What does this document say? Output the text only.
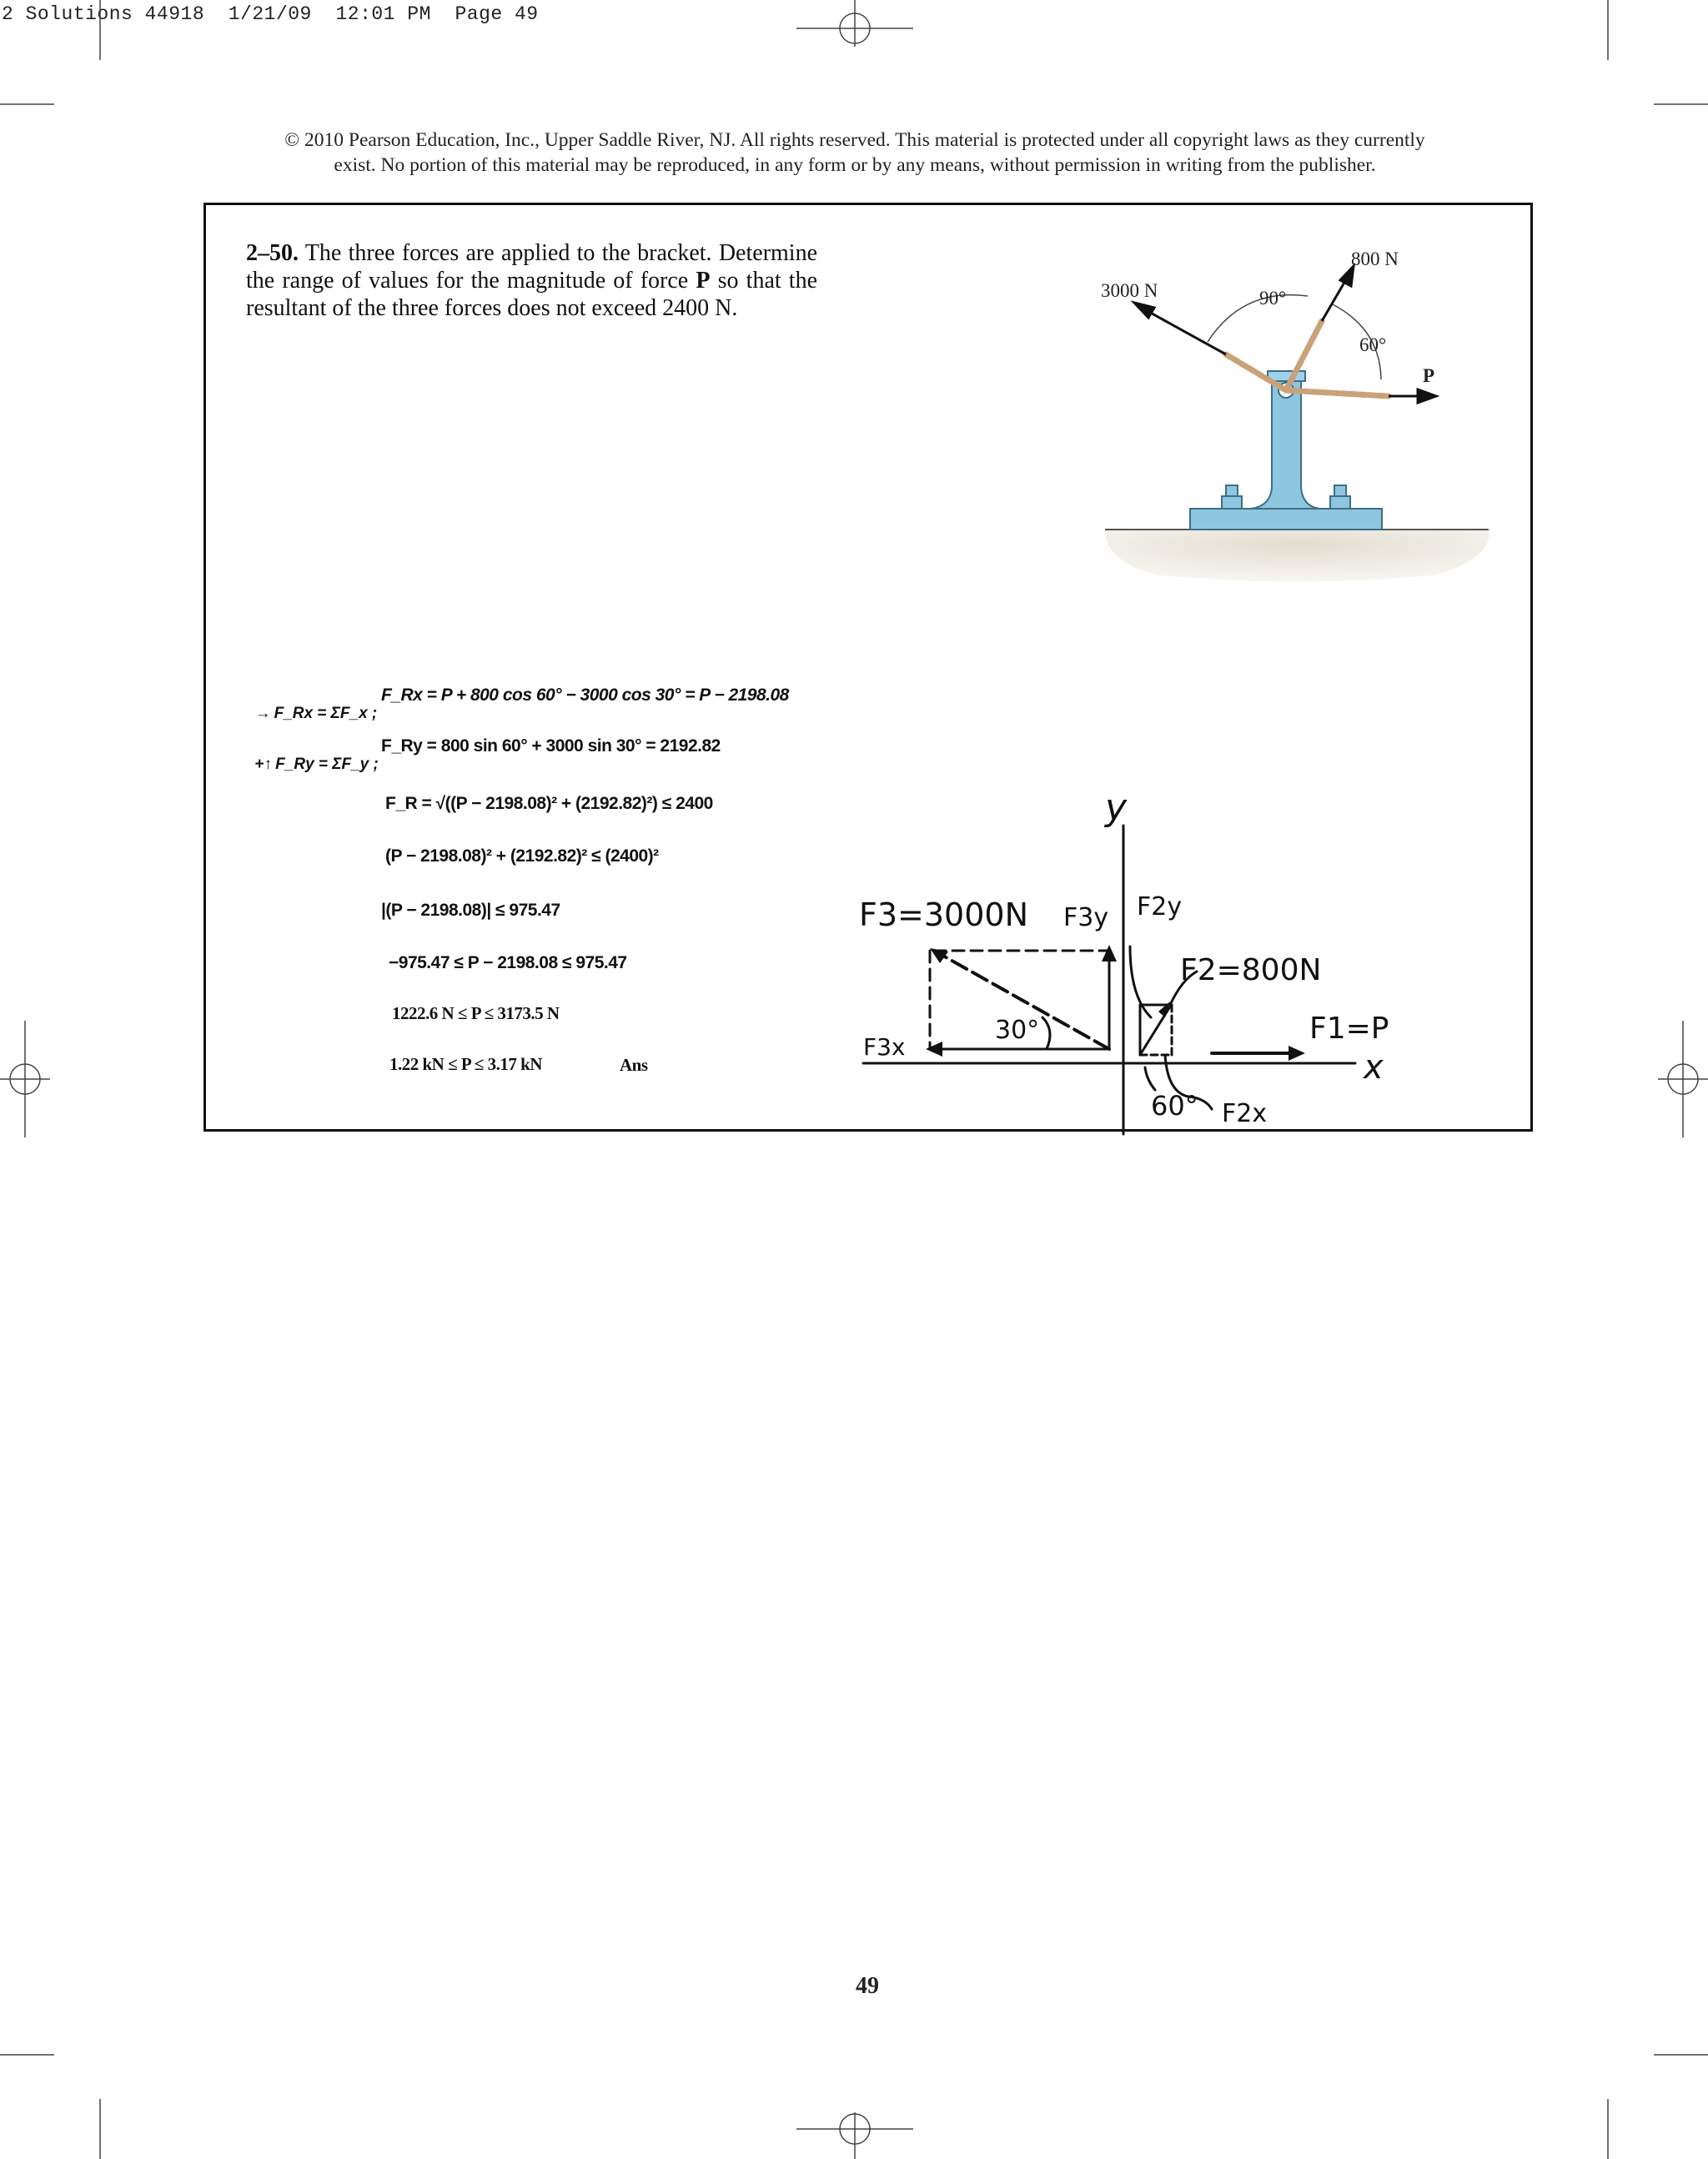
2 Solutions 44918  1/21/09  12:01 PM  Page 49
© 2010 Pearson Education, Inc., Upper Saddle River, NJ. All rights reserved. This material is protected under all copyright laws as they currently
exist. No portion of this material may be reproduced, in any form or by any means, without permission in writing from the publisher.
2–50. The three forces are applied to the bracket. Determine the range of values for the magnitude of force P so that the resultant of the three forces does not exceed 2400 N.
3000 N
800 N
90°
60°
P

→ F_Rx = ΣF_x ;

F_Rx = P + 800 cos 60° − 3000 cos 30° = P − 2198.08

+↑ F_Ry = ΣF_y ;

F_Ry = 800 sin 60° + 3000 sin 30° = 2192.82
F_R = √((P − 2198.08)² + (2192.82)²) ≤ 2400
(P − 2198.08)² + (2192.82)² ≤ (2400)²
|(P − 2198.08)| ≤ 975.47
−975.47 ≤ P − 2198.08 ≤ 975.47
1222.6 N ≤ P ≤ 3173.5 N
1.22 kN ≤ P ≤ 3.17 kN	Ans
y
x
F3=3000N F3y F2y
F2=800N
F1=P
F3x
30°
60° F2x
49
